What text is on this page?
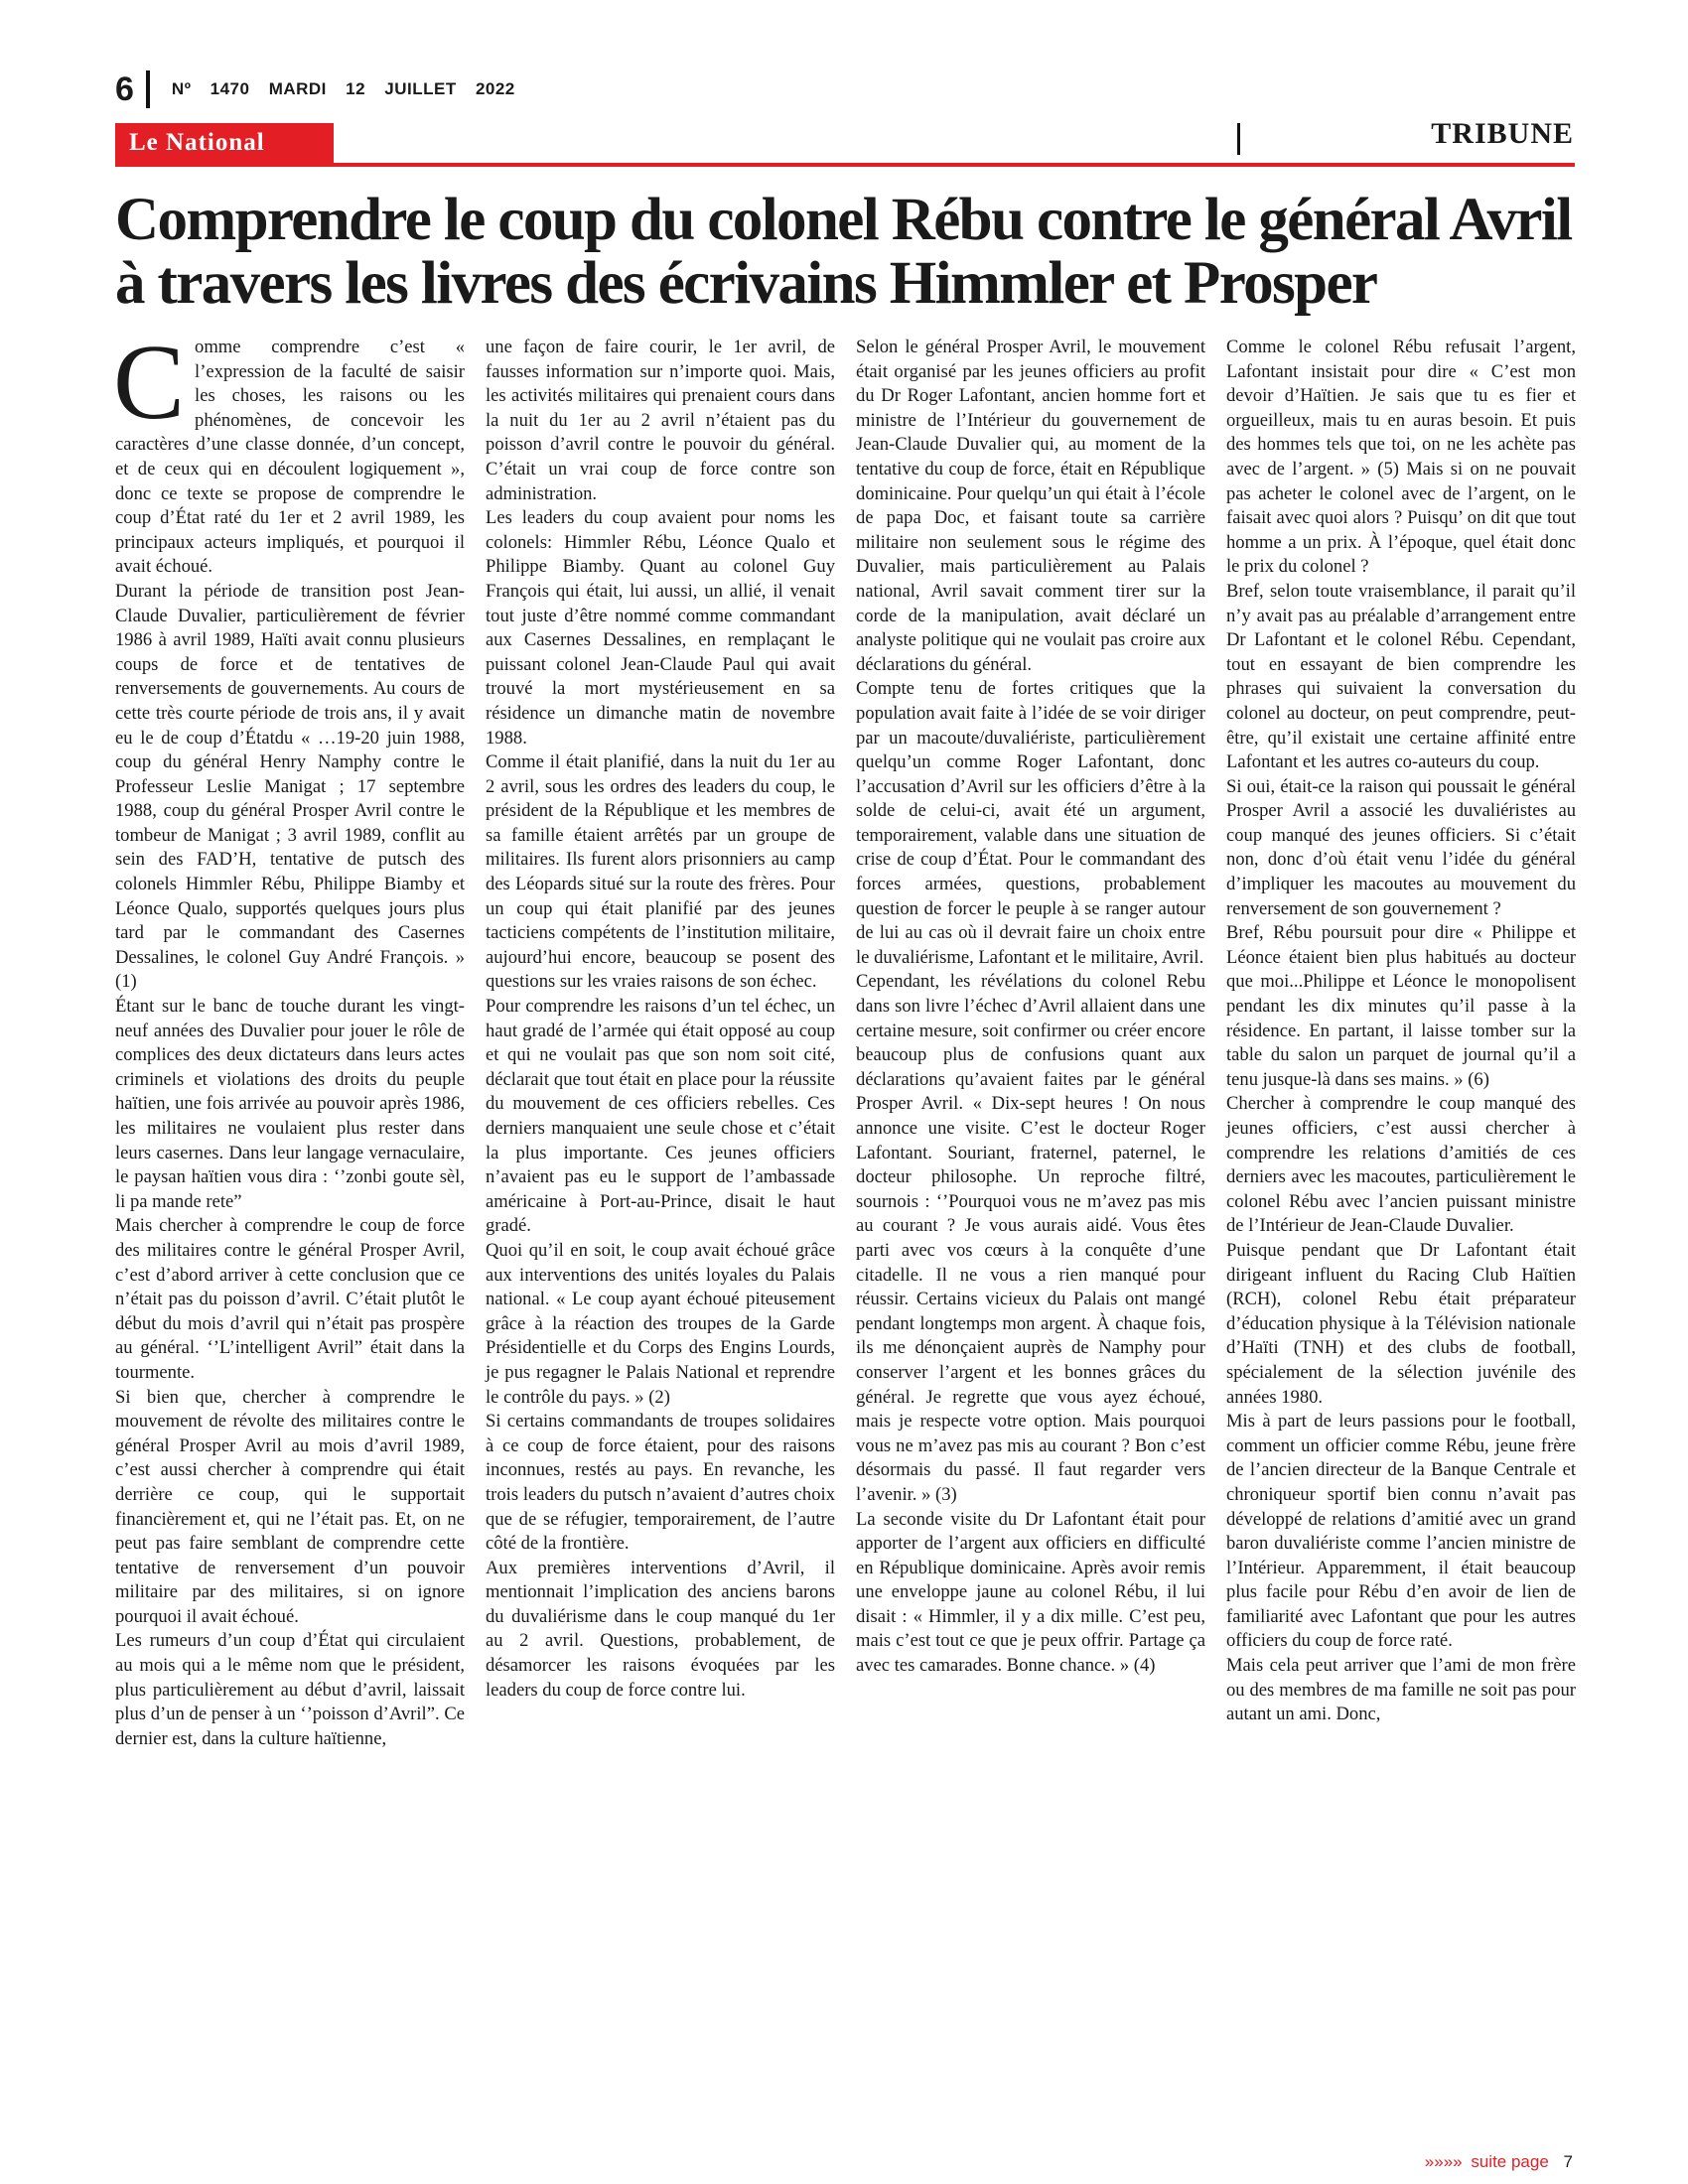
6 Nº 1470 MARDI 12 JUILLET 2022
Le National	TRIBUNE
Comprendre le coup du colonel Rébu contre le général Avril à travers les livres des écrivains Himmler et Prosper

Comme comprendre c’est « l’expression de la faculté de saisir les choses, les raisons ou les phénomènes, de concevoir les caractères d’une classe donnée, d’un concept, et de ceux qui en découlent logiquement », donc ce texte se propose de comprendre le coup d’État raté du 1er et 2 avril 1989, les principaux acteurs impliqués, et pourquoi il avait échoué.

Durant la période de transition post Jean-Claude Duvalier, particulièrement de février 1986 à avril 1989, Haïti avait connu plusieurs coups de force et de tentatives de renversements de gouvernements. Au cours de cette très courte période de trois ans, il y avait eu le de coup d’Étatdu « …19-20 juin 1988, coup du général Henry Namphy contre le Professeur Leslie Manigat ; 17 septembre 1988, coup du général Prosper Avril contre le tombeur de Manigat ; 3 avril 1989, conflit au sein des FAD’H, tentative de putsch des colonels Himmler Rébu, Philippe Biamby et Léonce Qualo, supportés quelques jours plus tard par le commandant des Casernes Dessalines, le colonel Guy André François. » (1)

Étant sur le banc de touche durant les vingt-neuf années des Duvalier pour jouer le rôle de complices des deux dictateurs dans leurs actes criminels et violations des droits du peuple haïtien, une fois arrivée au pouvoir après 1986, les militaires ne voulaient plus rester dans leurs casernes. Dans leur langage vernaculaire, le paysan haïtien vous dira : ‘’zonbi goute sèl, li pa mande rete”

Mais chercher à comprendre le coup de force des militaires contre le général Prosper Avril, c’est d’abord arriver à cette conclusion que ce n’était pas du poisson d’avril. C’était plutôt le début du mois d’avril qui n’était pas prospère au général. ‘’L’intelligent Avril” était dans la tourmente.

Si bien que, chercher à comprendre le mouvement de révolte des militaires contre le général Prosper Avril au mois d’avril 1989, c’est aussi chercher à comprendre qui était derrière ce coup, qui le supportait financièrement et, qui ne l’était pas. Et, on ne peut pas faire semblant de comprendre cette tentative de renversement d’un pouvoir militaire par des militaires, si on ignore pourquoi il avait échoué.

Les rumeurs d’un coup d’État qui circulaient au mois qui a le même nom que le président, plus particulièrement au début d’avril, laissait plus d’un de penser à un ‘’poisson d’Avril”. Ce dernier est, dans la culture haïtienne,

une façon de faire courir, le 1er avril, de fausses information sur n’importe quoi. Mais, les activités militaires qui prenaient cours dans la nuit du 1er au 2 avril n’étaient pas du poisson d’avril contre le pouvoir du général. C’était un vrai coup de force contre son administration.

Les leaders du coup avaient pour noms les colonels: Himmler Rébu, Léonce Qualo et Philippe Biamby. Quant au colonel Guy François qui était, lui aussi, un allié, il venait tout juste d’être nommé comme commandant aux Casernes Dessalines, en remplaçant le puissant colonel Jean-Claude Paul qui avait trouvé la mort mystérieusement en sa résidence un dimanche matin de novembre 1988.

Comme il était planifié, dans la nuit du 1er au 2 avril, sous les ordres des leaders du coup, le président de la République et les membres de sa famille étaient arrêtés par un groupe de militaires. Ils furent alors prisonniers au camp des Léopards situé sur la route des frères. Pour un coup qui était planifié par des jeunes tacticiens compétents de l’institution militaire, aujourd’hui encore, beaucoup se posent des questions sur les vraies raisons de son échec.

Pour comprendre les raisons d’un tel échec, un haut gradé de l’armée qui était opposé au coup et qui ne voulait pas que son nom soit cité, déclarait que tout était en place pour la réussite du mouvement de ces officiers rebelles. Ces derniers manquaient une seule chose et c’était la plus importante. Ces jeunes officiers n’avaient pas eu le support de l’ambassade américaine à Port-au-Prince, disait le haut gradé.

Quoi qu’il en soit, le coup avait échoué grâce aux interventions des unités loyales du Palais national. « Le coup ayant échoué piteusement grâce à la réaction des troupes de la Garde Présidentielle et du Corps des Engins Lourds, je pus regagner le Palais National et reprendre le contrôle du pays. » (2)

Si certains commandants de troupes solidaires à ce coup de force étaient, pour des raisons inconnues, restés au pays. En revanche, les trois leaders du putsch n’avaient d’autres choix que de se réfugier, temporairement, de l’autre côté de la frontière.

Aux premières interventions d’Avril, il mentionnait l’implication des anciens barons du duvaliérisme dans le coup manqué du 1er au 2 avril. Questions, probablement, de désamorcer les raisons évoquées par les leaders du coup de force contre lui.

Selon le général Prosper Avril, le mouvement était organisé par les jeunes officiers au profit du Dr Roger Lafontant, ancien homme fort et ministre de l’Intérieur du gouvernement de Jean-Claude Duvalier qui, au moment de la tentative du coup de force, était en République dominicaine. Pour quelqu’un qui était à l’école de papa Doc, et faisant toute sa carrière militaire non seulement sous le régime des Duvalier, mais particulièrement au Palais national, Avril savait comment tirer sur la corde de la manipulation, avait déclaré un analyste politique qui ne voulait pas croire aux déclarations du général.

Compte tenu de fortes critiques que la population avait faite à l’idée de se voir diriger par un macoute/duvaliériste, particulièrement quelqu’un comme Roger Lafontant, donc l’accusation d’Avril sur les officiers d’être à la solde de celui-ci, avait été un argument, temporairement, valable dans une situation de crise de coup d’État. Pour le commandant des forces armées, questions, probablement question de forcer le peuple à se ranger autour de lui au cas où il devrait faire un choix entre le duvaliérisme, Lafontant et le militaire, Avril.

Cependant, les révélations du colonel Rebu dans son livre l’échec d’Avril allaient dans une certaine mesure, soit confirmer ou créer encore beaucoup plus de confusions quant aux déclarations qu’avaient faites par le général Prosper Avril. « Dix-sept heures ! On nous annonce une visite. C’est le docteur Roger Lafontant. Souriant, fraternel, paternel, le docteur philosophe. Un reproche filtré, sournois : ‘’Pourquoi vous ne m’avez pas mis au courant ? Je vous aurais aidé. Vous êtes parti avec vos cœurs à la conquête d’une citadelle. Il ne vous a rien manqué pour réussir. Certains vicieux du Palais ont mangé pendant longtemps mon argent. À chaque fois, ils me dénonçaient auprès de Namphy pour conserver l’argent et les bonnes grâces du général. Je regrette que vous ayez échoué, mais je respecte votre option. Mais pourquoi vous ne m’avez pas mis au courant ? Bon c’est désormais du passé. Il faut regarder vers l’avenir. » (3)

La seconde visite du Dr Lafontant était pour apporter de l’argent aux officiers en difficulté en République dominicaine. Après avoir remis une enveloppe jaune au colonel Rébu, il lui disait : « Himmler, il y a dix mille. C’est peu, mais c’est tout ce que je peux offrir. Partage ça avec tes camarades. Bonne chance. » (4)

Comme le colonel Rébu refusait l’argent, Lafontant insistait pour dire « C’est mon devoir d’Haïtien. Je sais que tu es fier et orgueilleux, mais tu en auras besoin. Et puis des hommes tels que toi, on ne les achète pas avec de l’argent. » (5) Mais si on ne pouvait pas acheter le colonel avec de l’argent, on le faisait avec quoi alors ? Puisqu’ on dit que tout homme a un prix. À l’époque, quel était donc le prix du colonel ?

Bref, selon toute vraisemblance, il parait qu’il n’y avait pas au préalable d’arrangement entre Dr Lafontant et le colonel Rébu. Cependant, tout en essayant de bien comprendre les phrases qui suivaient la conversation du colonel au docteur, on peut comprendre, peut-être, qu’il existait une certaine affinité entre Lafontant et les autres co-auteurs du coup.

Si oui, était-ce la raison qui poussait le général Prosper Avril a associé les duvaliéristes au coup manqué des jeunes officiers. Si c’était non, donc d’où était venu l’idée du général d’impliquer les macoutes au mouvement du renversement de son gouvernement ?

Bref, Rébu poursuit pour dire « Philippe et Léonce étaient bien plus habitués au docteur que moi...Philippe et Léonce le monopolisent pendant les dix minutes qu’il passe à la résidence. En partant, il laisse tomber sur la table du salon un parquet de journal qu’il a tenu jusque-là dans ses mains. » (6)

Chercher à comprendre le coup manqué des jeunes officiers, c’est aussi chercher à comprendre les relations d’amitiés de ces derniers avec les macoutes, particulièrement le colonel Rébu avec l’ancien puissant ministre de l’Intérieur de Jean-Claude Duvalier.

Puisque pendant que Dr Lafontant était dirigeant influent du Racing Club Haïtien (RCH), colonel Rebu était préparateur d’éducation physique à la Télévision nationale d’Haïti (TNH) et des clubs de football, spécialement de la sélection juvénile des années 1980.

Mis à part de leurs passions pour le football, comment un officier comme Rébu, jeune frère de l’ancien directeur de la Banque Centrale et chroniqueur sportif bien connu n’avait pas développé de relations d’amitié avec un grand baron duvaliériste comme l’ancien ministre de l’Intérieur. Apparemment, il était beaucoup plus facile pour Rébu d’en avoir de lien de familiarité avec Lafontant que pour les autres officiers du coup de force raté.

Mais cela peut arriver que l’ami de mon frère ou des membres de ma famille ne soit pas pour autant un ami. Donc,

»»»» suite page 7
